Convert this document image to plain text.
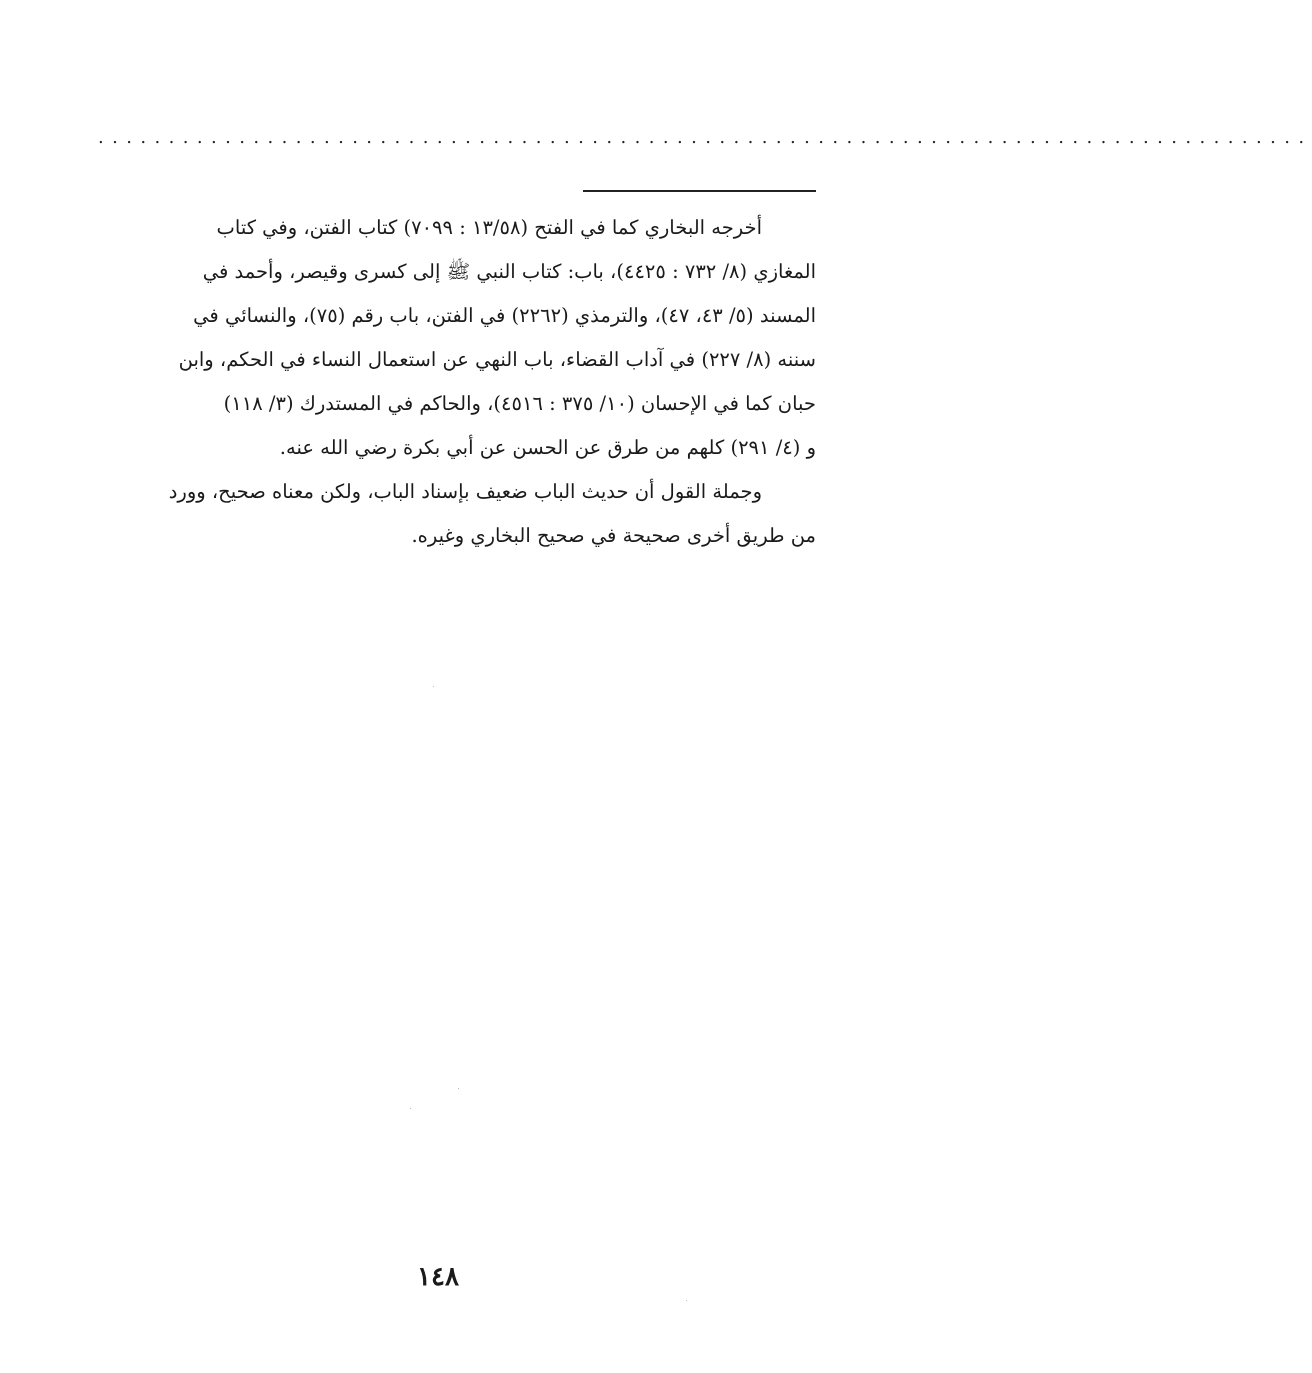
......................................................................................

أخرجه البخاري كما في الفتح (١٣/٥٨ : ٧٠٩٩) كتاب الفتن، وفي كتاب

المغازي (٨/ ٧٣٢ : ٤٤٢٥)، باب: كتاب النبي ﷺ إلى كسرى وقيصر، وأحمد في

المسند (٥/ ٤٣، ٤٧)، والترمذي (٢٢٦٢) في الفتن، باب رقم (٧٥)، والنسائي في

سننه (٨/ ٢٢٧) في آداب القضاء، باب النهي عن استعمال النساء في الحكم، وابن

حبان كما في الإحسان (١٠/ ٣٧٥ : ٤٥١٦)، والحاكم في المستدرك (٣/ ١١٨)

و (٤/ ٢٩١) كلهم من طرق عن الحسن عن أبي بكرة رضي الله عنه.

وجملة القول أن حديث الباب ضعيف بإسناد الباب، ولكن معناه صحيح، وورد

من طريق أخرى صحيحة في صحيح البخاري وغيره.

١٤٨
